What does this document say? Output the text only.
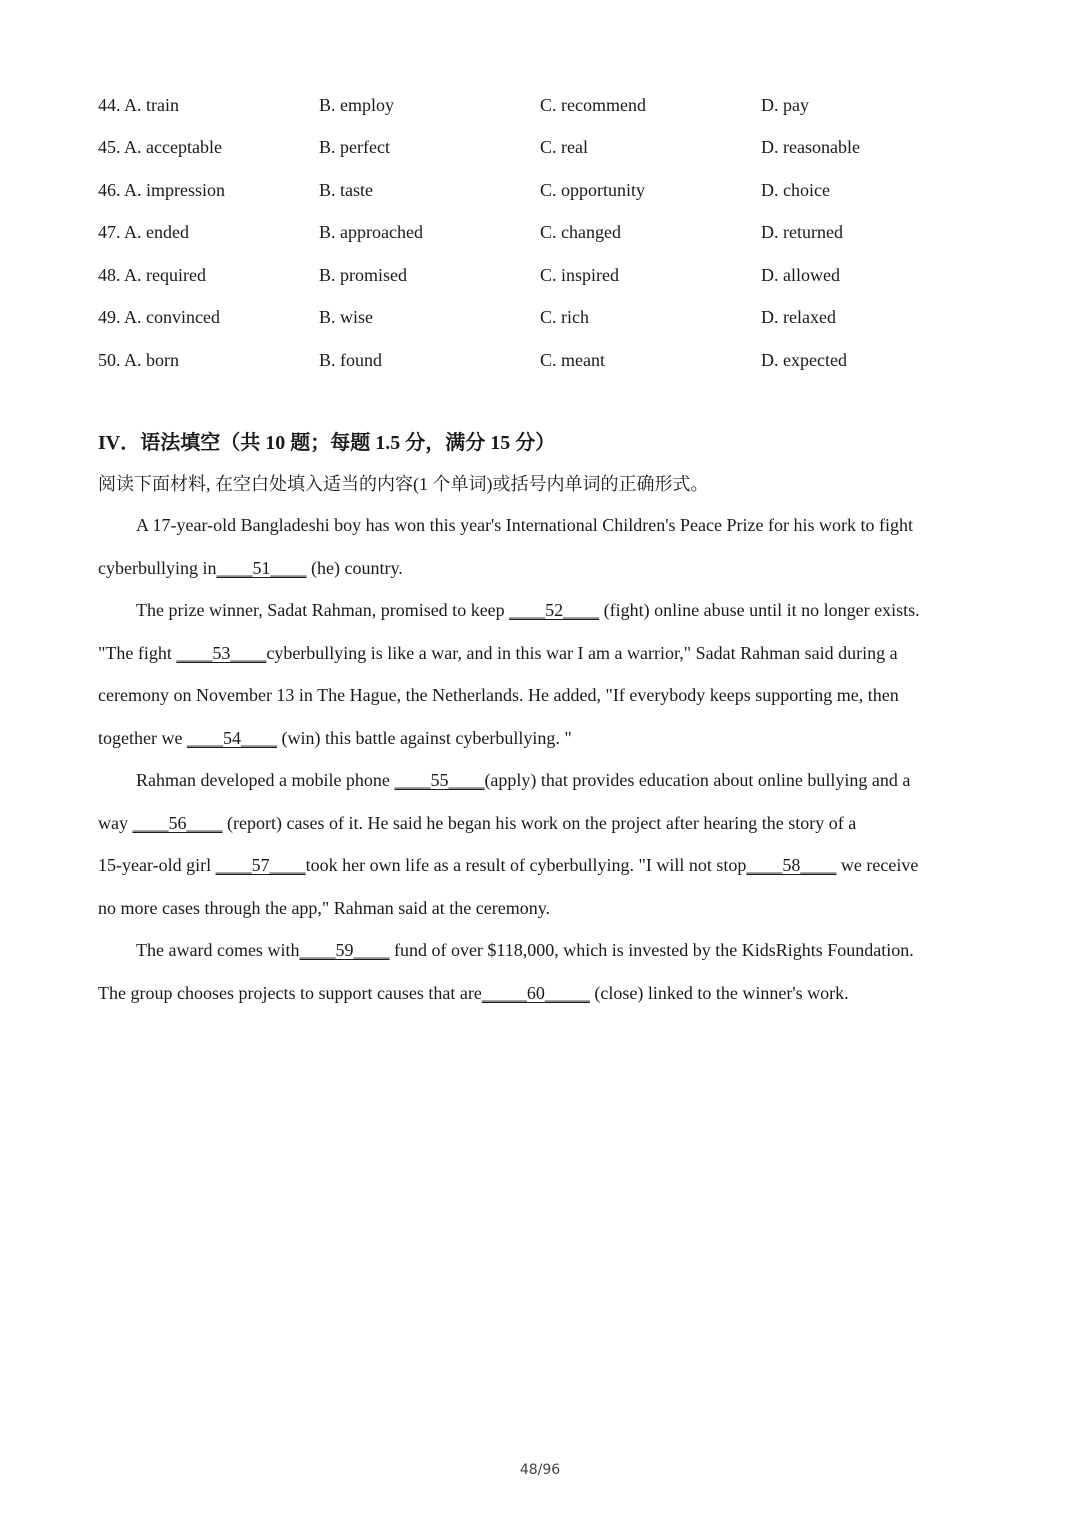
44. A. train	B. employ	C. recommend	D. pay
45. A. acceptable	B. perfect	C. real	D. reasonable
46. A. impression	B. taste	C. opportunity	D. choice
47. A. ended	B. approached	C. changed	D. returned
48. A. required	B. promised	C. inspired	D. allowed
49. A. convinced	B. wise	C. rich	D. relaxed
50. A. born	B. found	C. meant	D. expected
IV．语法填空（共 10 题；每题 1.5 分，满分 15 分）
阅读下面材料, 在空白处填入适当的内容(1 个单词)或括号内单词的正确形式。
A 17-year-old Bangladeshi boy has won this year's International Children's Peace Prize for his work to fight
cyberbullying in____51____ (he) country.
The prize winner, Sadat Rahman, promised to keep ____52____ (fight) online abuse until it no longer exists.
"The fight ____53____cyberbullying is like a war, and in this war I am a warrior," Sadat Rahman said during a
ceremony on November 13 in The Hague, the Netherlands. He added, "If everybody keeps supporting me, then
together we ____54____ (win) this battle against cyberbullying. "
Rahman developed a mobile phone ____55____(apply) that provides education about online bullying and a
way ____56____ (report) cases of it. He said he began his work on the project after hearing the story of a
15-year-old girl ____57____took her own life as a result of cyberbullying. "I will not stop____58____ we receive
no more cases through the app," Rahman said at the ceremony.
The award comes with____59____ fund of over $118,000, which is invested by the KidsRights Foundation.
The group chooses projects to support causes that are_____60_____ (close) linked to the winner's work.
48/96
